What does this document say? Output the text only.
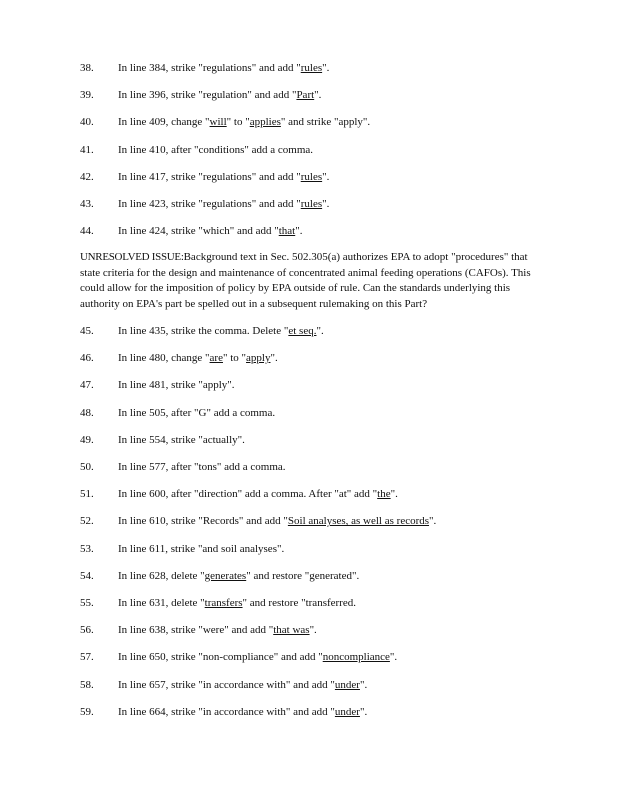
38. In line 384, strike "regulations" and add "rules".
39. In line 396, strike "regulation" and add "Part".
40. In line 409, change "will" to "applies" and strike "apply".
41. In line 410, after "conditions" add a comma.
42. In line 417, strike "regulations" and add "rules".
43. In line 423, strike "regulations" and add "rules".
44. In line 424, strike "which" and add "that".
UNRESOLVED ISSUE:Background text in Sec. 502.305(a) authorizes EPA to adopt "procedures" that state criteria for the design and maintenance of concentrated animal feeding operations (CAFOs). This could allow for the imposition of policy by EPA outside of rule. Can the standards underlying this authority on EPA's part be spelled out in a subsequent rulemaking on this Part?
45. In line 435, strike the comma. Delete "et seq.".
46. In line 480, change "are" to "apply".
47. In line 481, strike "apply".
48. In line 505, after "G" add a comma.
49. In line 554, strike "actually".
50. In line 577, after "tons" add a comma.
51. In line 600, after "direction" add a comma. After "at" add "the".
52. In line 610, strike "Records" and add "Soil analyses, as well as records".
53. In line 611, strike "and soil analyses".
54. In line 628, delete "generates" and restore "generated".
55. In line 631, delete "transfers" and restore "transferred.
56. In line 638, strike "were" and add "that was".
57. In line 650, strike "non-compliance" and add "noncompliance".
58. In line 657, strike "in accordance with" and add "under".
59. In line 664, strike "in accordance with" and add "under".
